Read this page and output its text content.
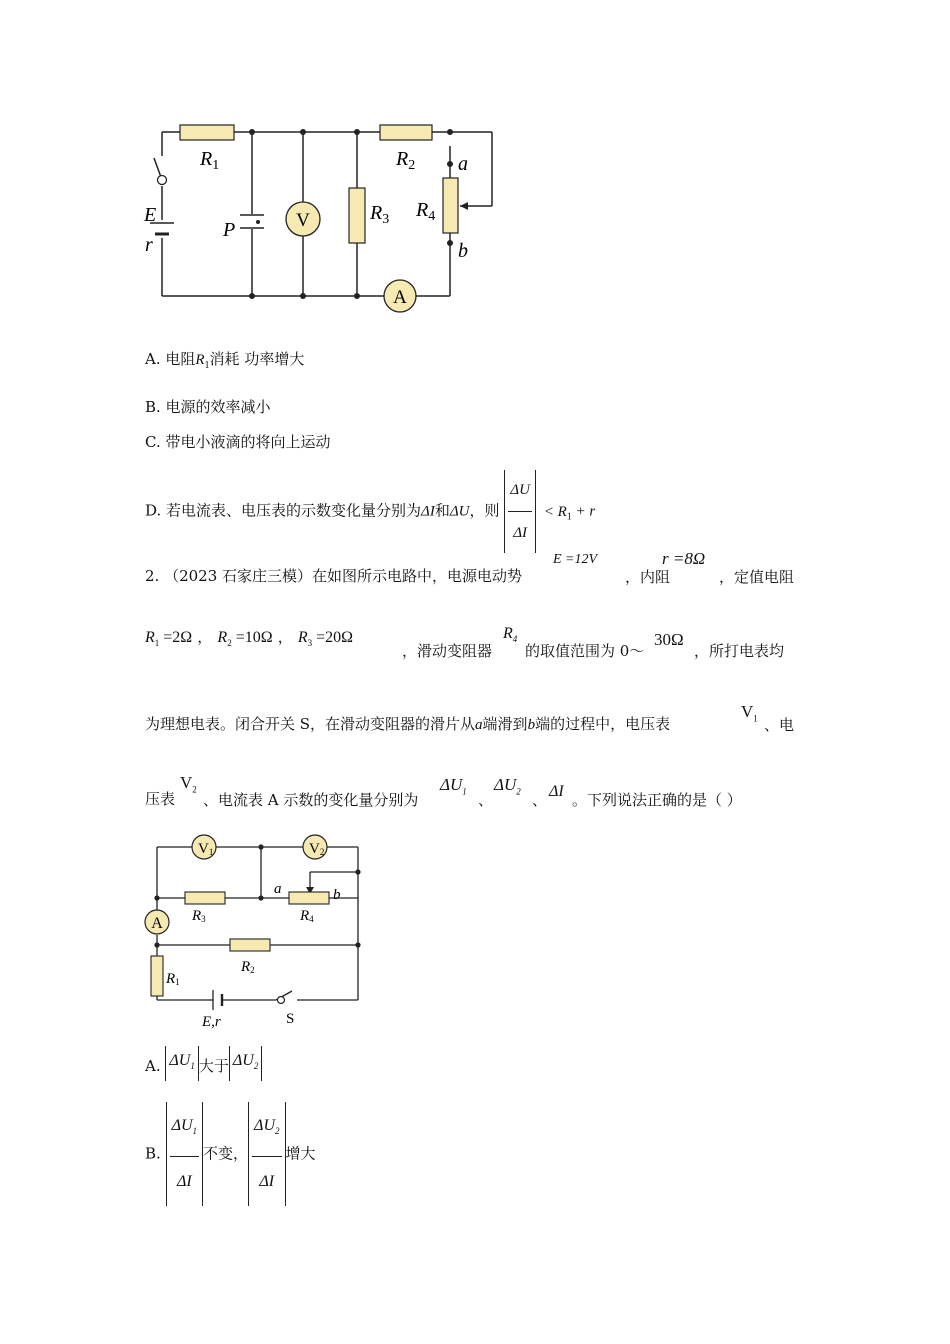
V
A
$R_1$	$R_2$
$R_3$ $R_4$
E
r
P
a
b
A. 电阻$R_1$消耗 功率增大
B. 电源的效率减小
C. 带电小液滴的将向上运动
D. 若电流表、电压表的示数变化量分别为ΔI和ΔU，则 $\frac{\Delta U}{\Delta I} < R_1 + r$
2. （2023 石家庄三模）在如图所示电路中，电源电动势
E =12V
，内阻
r =8Ω
，定值电阻
$R_1 =2\Omega$ ， $R_2 =10\Omega$ ， $R_3 =20\Omega$
，滑动变阻器
$R_4$
的取值范围为 0～
30Ω
，所打电表均
为理想电表。闭合开关 S，在滑动变阻器的滑片从a端滑到b端的过程中，电压表
$V_1$ 、电
压表
$V_2$
、电流表 A 示数的变化量分别为
$\Delta U_1$ 、
$\Delta U_2$ 、 ΔI 。下列说法正确的是（ ）
V1	V2
A R3	R4
R2
R1
a	b
E,r	S
A. $\Delta U_1$ 大于 $\Delta U_2$
B. $\frac{\Delta U_1}{\Delta I}$ 不变， $\frac{\Delta U_2}{\Delta I}$ 增大
